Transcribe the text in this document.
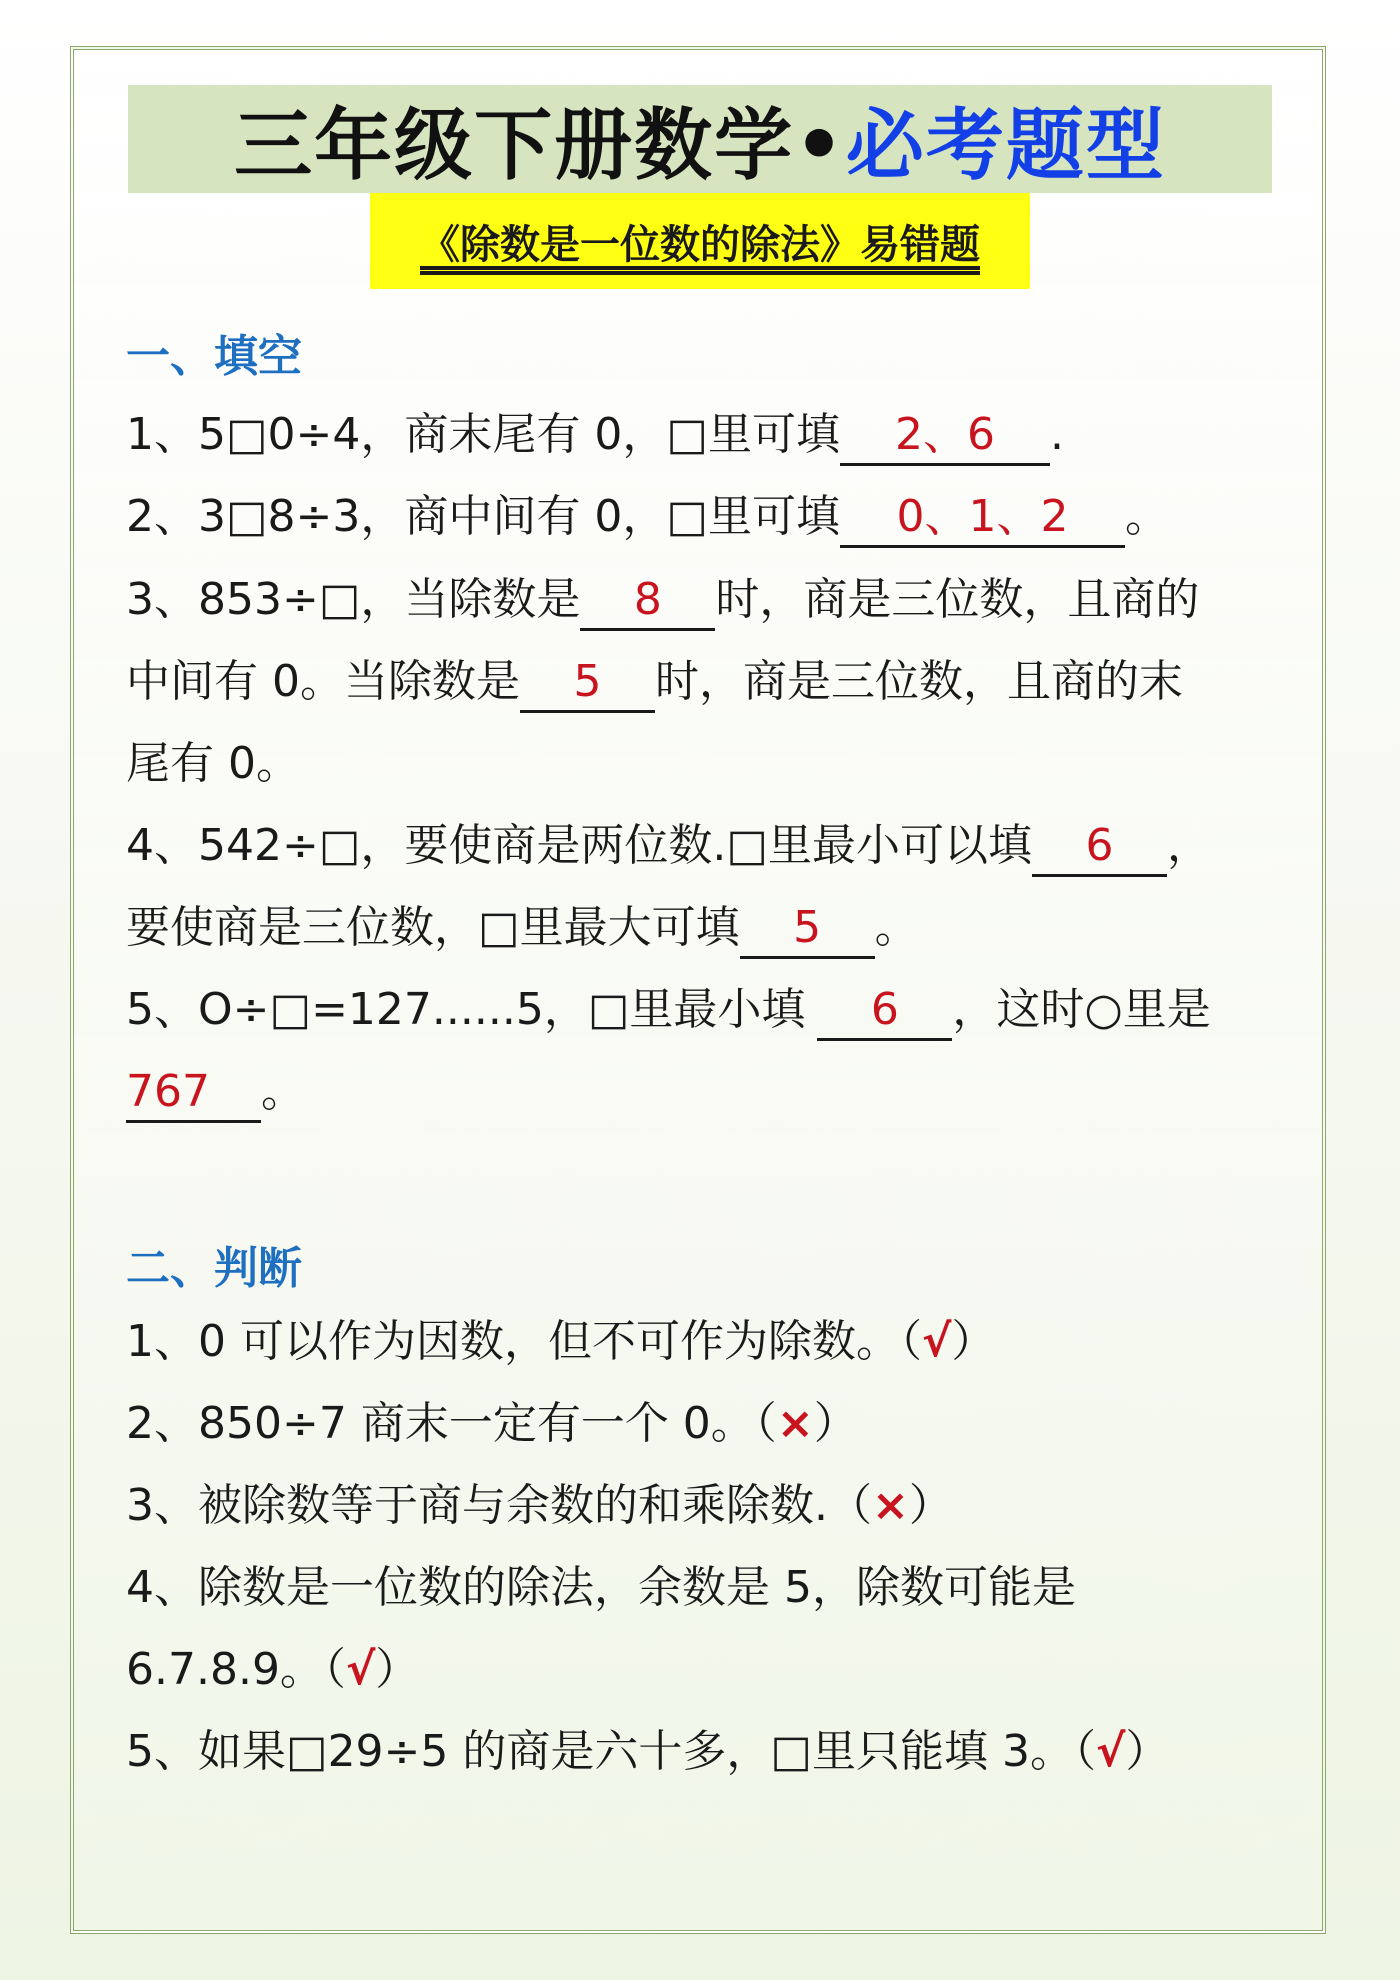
三年级下册数学• 必考题型
《除数是一位数的除法》易错题
一、填空
1、5□0÷4，商末尾有 0，□里可填 2、6 .
2、3□8÷3，商中间有 0，□里可填 0、1、2 。
3、853÷□，当除数是 8 时，商是三位数，且商的
中间有 0。当除数是 5 时，商是三位数，且商的末
尾有 0。
4、542÷□，要使商是两位数.□里最小可以填 6 ，
要使商是三位数，□里最大可填 5 。
5、O÷□=127......5，□里最小填 6 ，这时○里是
767 。
二、判断
1、0 可以作为因数，但不可作为除数。（√）
2、850÷7 商末一定有一个 0。（×）
3、被除数等于商与余数的和乘除数.（×）
4、除数是一位数的除法，余数是 5，除数可能是
6.7.8.9。（√）
5、如果□29÷5 的商是六十多，□里只能填 3。（√）
